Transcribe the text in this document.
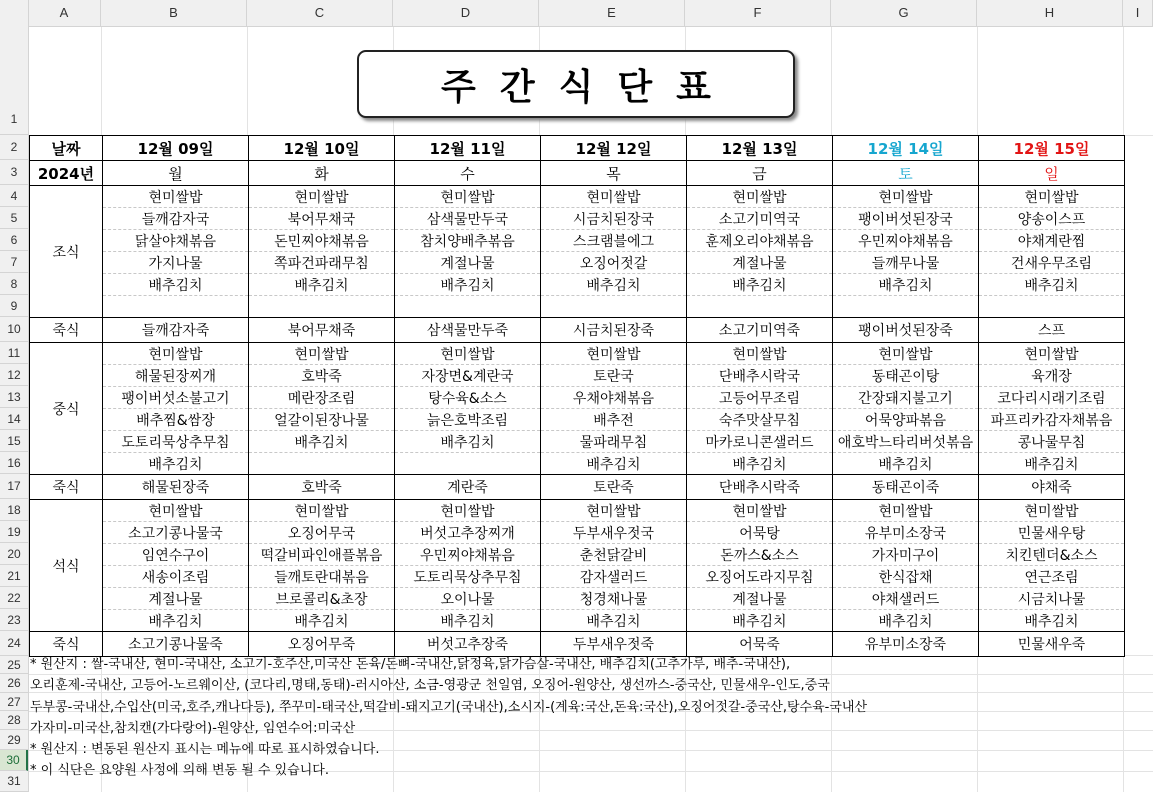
A	B	C	D	E	F	G	H	I
1
2
3
4
5
6
7
8
9
10
11
12
13
14
15
16
17
18
19
20
21
22
23
24
25
26
27
28
29
30
31
주간식단표
날짜	12월 09일	12월 10일	12월 11일	12월 12일	12월 13일	12월 14일	12월 15일
2024년	월	화	수	목	금	토	일
조식	현미쌀밥	현미쌀밥	현미쌀밥	현미쌀밥	현미쌀밥	현미쌀밥	현미쌀밥
	들깨감자국	북어무채국	삼색물만두국	시금치된장국	소고기미역국	팽이버섯된장국	양송이스프
	닭살야채볶음	돈민찌야채볶음	참치양배추볶음	스크램블에그	훈제오리야채볶음	우민찌야채볶음	야채계란찜
	가지나물	쪽파건파래무침	계절나물	오징어젓갈	계절나물	들깨무나물	건새우무조림
	배추김치	배추김치	배추김치	배추김치	배추김치	배추김치	배추김치

죽식	들깨감자죽	북어무채죽	삼색물만두죽	시금치된장죽	소고기미역죽	팽이버섯된장죽	스프
중식	현미쌀밥	현미쌀밥	현미쌀밥	현미쌀밥	현미쌀밥	현미쌀밥	현미쌀밥
	해물된장찌개	호박죽	자장면&계란국	토란국	단배추시락국	동태곤이탕	육개장
	팽이버섯소불고기	메란장조림	탕수육&소스	우채야채볶음	고등어무조림	간장돼지불고기	코다리시래기조림
	배추찜&쌈장	얼갈이된장나물	늙은호박조림	배추전	숙주맛살무침	어묵양파볶음	파프리카감자채볶음
	도토리묵상추무침	배추김치	배추김치	물파래무침	마카로니콘샐러드	애호박느타리버섯볶음	콩나물무침
	배추김치			배추김치	배추김치	배추김치	배추김치
죽식	해물된장죽	호박죽	계란죽	토란죽	단배추시락죽	동태곤이죽	야채죽
석식	현미쌀밥	현미쌀밥	현미쌀밥	현미쌀밥	현미쌀밥	현미쌀밥	현미쌀밥
	소고기콩나물국	오징어무국	버섯고추장찌개	두부새우젓국	어묵탕	유부미소장국	민물새우탕
	임연수구이	떡갈비파인애플볶음	우민찌야채볶음	춘천닭갈비	돈까스&소스	가자미구이	치킨텐더&소스
	새송이조림	들깨토란대볶음	도토리묵상추무침	감자샐러드	오징어도라지무침	한식잡채	연근조림
	계절나물	브로콜리&초장	오이나물	청경채나물	계절나물	야채샐러드	시금치나물
	배추김치	배추김치	배추김치	배추김치	배추김치	배추김치	배추김치
죽식	소고기콩나물죽	오징어무죽	버섯고추장죽	두부새우젓죽	어묵죽	유부미소장죽	민물새우죽
* 원산지 : 쌀-국내산, 현미-국내산, 소고기-호주산,미국산 돈육/돈뼈-국내산,닭정육,닭가슴살-국내산, 배추김치(고추가루, 배추-국내산),
오리훈제-국내산, 고등어-노르웨이산, (코다리,명태,동태)-러시아산, 소금-영광군 천일염, 오징어-원양산, 생선까스-중국산, 민물새우-인도,중국
두부콩-국내산,수입산(미국,호주,캐나다등), 쭈꾸미-태국산,떡갈비-돼지고기(국내산),소시지-(계육:국산,돈육:국산),오징어젓갈-중국산,탕수육-국내산
가자미-미국산,참치캔(가다랑어)-원양산, 임연수어:미국산
* 원산지 : 변동된 원산지 표시는 메뉴에 따로 표시하였습니다.
* 이 식단은 요양원 사정에 의해 변동 될 수 있습니다.
